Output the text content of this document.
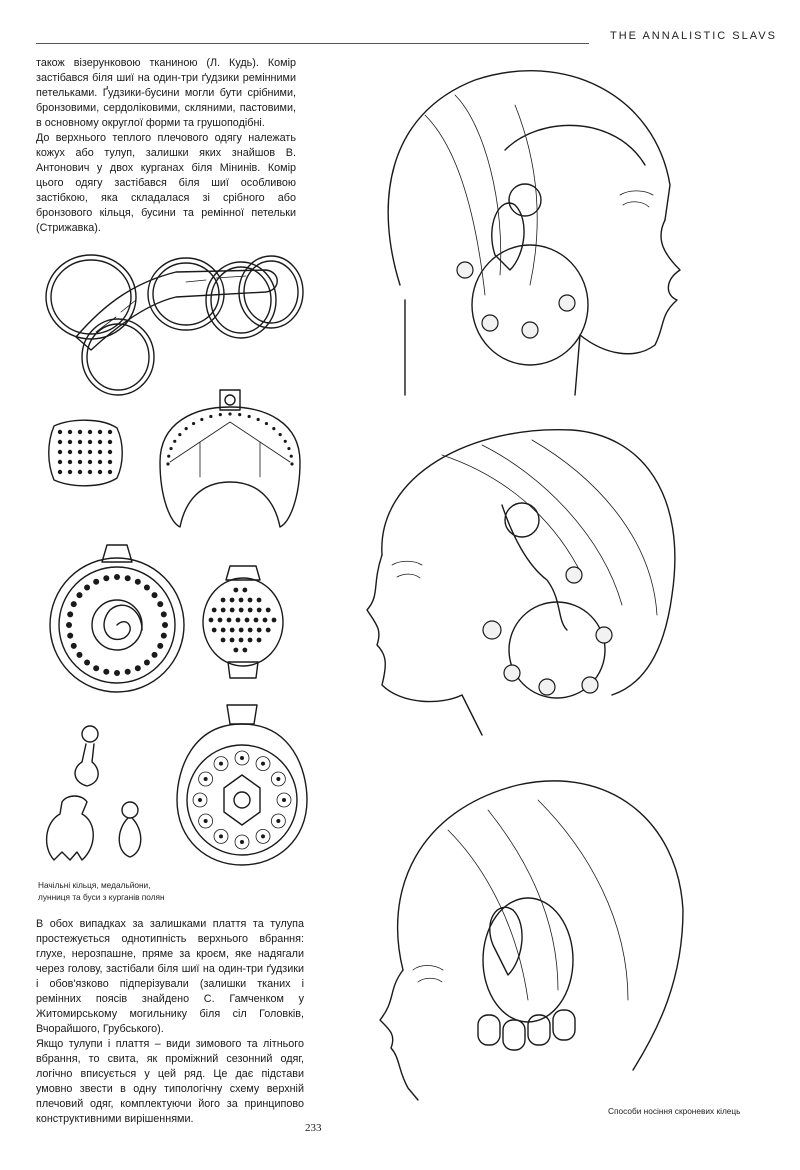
THE ANNALISTIC SLAVS

також візерунковою тканиною (Л. Кудь). Комір застібався біля шиї на один-три ґудзики ремінними петельками. Ґудзики-бусини могли бути срібними, бронзовими, сердоліковими, скляними, пастовими, в основному округлої форми та грушоподібні.

До верхнього теплого плечового одягу належать кожух або тулуп, залишки яких знайшов В. Антонович у двох курганах біля Мінинів. Комір цього одягу застібався біля шиї особливою застібкою, яка складалася зі срібного або бронзового кільця, бусини та ремінної петельки (Стрижавка).

Начільні кільця, медальйони,
лунниця та буси з курганів полян

В обох випадках за залишками плаття та тулупа простежується однотипність верхнього вбрання: глухе, нерозпашне, пряме за кроєм, яке надягали через голову, застібали біля шиї на один-три ґудзики і обов'язково підперізували (залишки тканих і ремінних поясів знайдено С. Гамченком у Житомирському могильнику біля сіл Головків, Вчорайшого, Грубського).

Якщо тулупи і плаття – види зимового та літнього вбрання, то свита, як проміжний сезонний одяг, логічно вписується у цей ряд. Це дає підстави умовно звести в одну типологічну схему верхній плечовий одяг, комплектуючи його за принципово конструктивними вирішеннями.

Способи носіння скроневих кілець
233
